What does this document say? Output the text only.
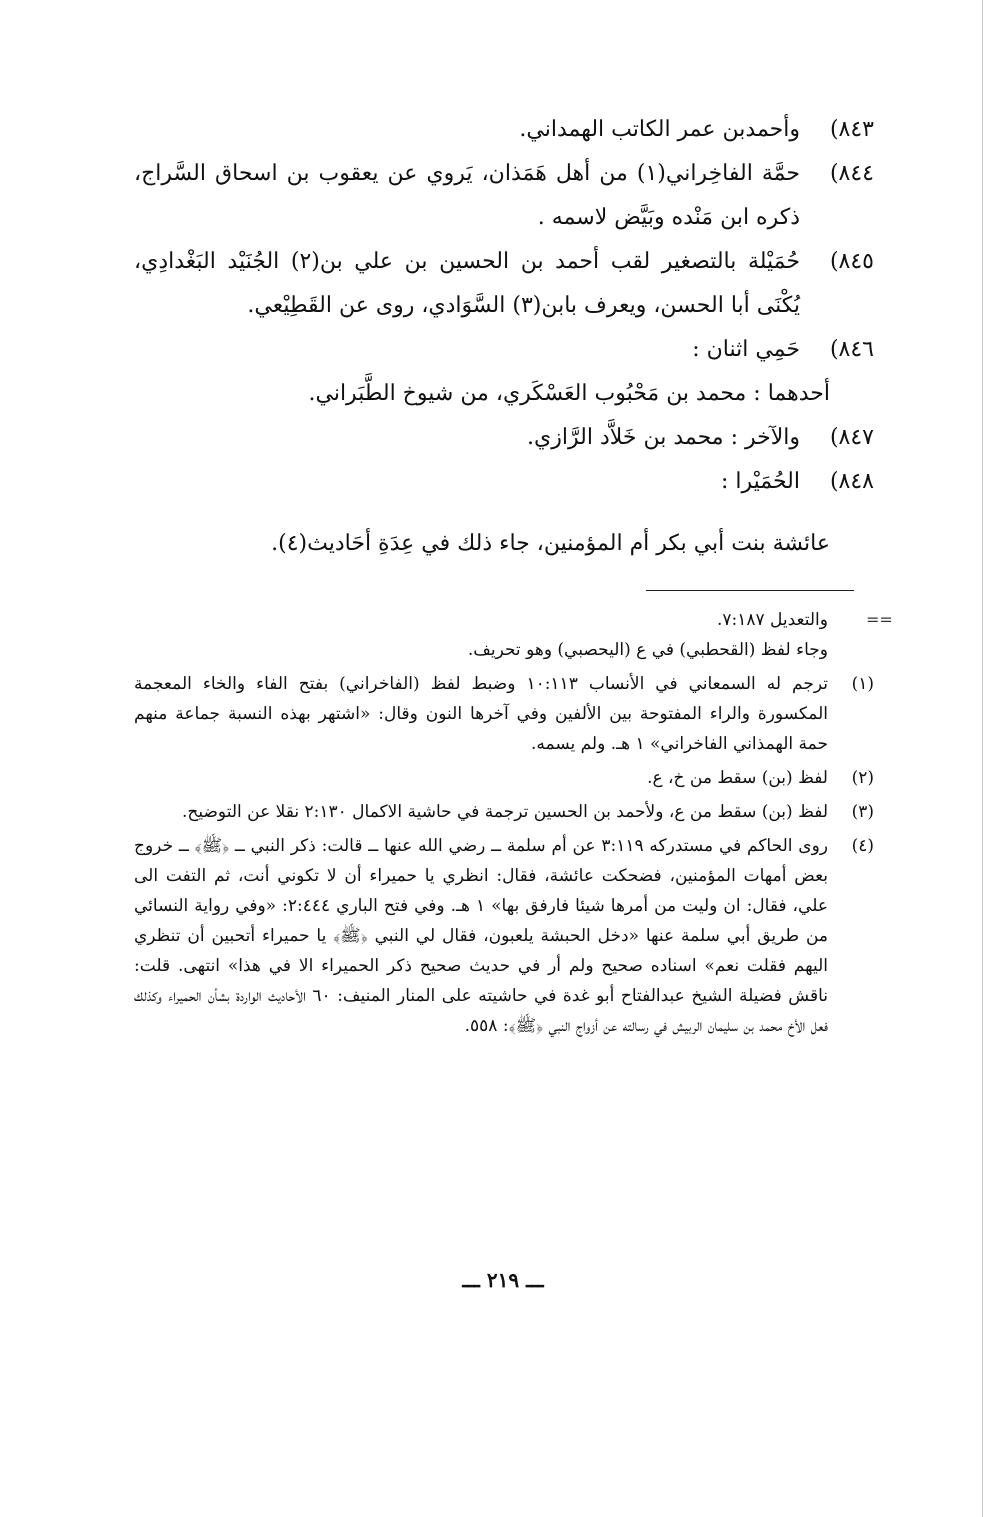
٨٤٣)
وأحمدبن عمر الكاتب الهمداني.
٨٤٤)
حمَّة الفاخِراني(١) من أهل هَمَذان، يَروي عن يعقوب بن اسحاق السَّراج، ذكره ابن مَنْده وبَيَّض لاسمه .
٨٤٥)
حُمَيْلة بالتصغير لقب أحمد بن الحسين بن علي بن(٢) الجُنَيْد البَغْدادِي، يُكْنَى أبا الحسن، ويعرف بابن(٣) السَّوَادي، روى عن القَطِيْعي.
٨٤٦)
حَمِي اثنان :
أحدهما : محمد بن مَحْبُوب العَسْكَري، من شيوخ الطَّبَراني.
٨٤٧)
والآخر : محمد بن خَلاَّد الرَّازي.
٨٤٨)
الحُمَيْرا :
عائشة بنت أبي بكر أم المؤمنين، جاء ذلك في عِدَةِ أحَاديث(٤).
==
والتعديل ٧:١٨٧.
وجاء لفظ (القحطبي) في ع (اليحصبي) وهو تحريف.
(١)
ترجم له السمعاني في الأنساب ١٠:١١٣ وضبط لفظ (الفاخراني) بفتح الفاء والخاء المعجمة المكسورة والراء المفتوحة بين الألفين وفي آخرها النون وقال: «اشتهر بهذه النسبة جماعة منهم حمة الهمذاني الفاخراني» ١ هـ. ولم يسمه.
(٢)
لفظ (بن) سقط من خ، ع.
(٣)
لفظ (بن) سقط من ع، ولأحمد بن الحسين ترجمة في حاشية الاكمال ٢:١٣٠ نقلا عن التوضيح.
(٤)
روى الحاكم في مستدركه ٣:١١٩ عن أم سلمة ــ رضي الله عنها ــ قالت: ذكر النبي ــ ﴿ﷺ﴾ ــ خروج بعض أمهات المؤمنين، فضحكت عائشة، فقال: انظري يا حميراء أن لا تكوني أنت، ثم التفت الى علي، فقال: ان وليت من أمرها شيئا فارفق بها» ١ هـ. وفي فتح الباري ٢:٤٤٤: «وفي رواية النسائي من طريق أبي سلمة عنها «دخل الحبشة يلعبون، فقال لي النبي ﴿ﷺ﴾ يا حميراء أتحبين أن تنظري اليهم فقلت نعم» اسناده صحيح ولم أر في حديث صحيح ذكر الحميراء الا في هذا» انتهى. قلت: ناقش فضيلة الشيخ عبدالفتاح أبو غدة في حاشيته على المنار المنيف: ٦٠ الأحاديث الواردة بشأن الحميراء وكذلك فعل الأخ محمد بن سليمان الربيش في رسالته عن أزواج النبي ﴿ﷺ﴾: ٥٥٨.
ـــ ٢١٩ ـــ
